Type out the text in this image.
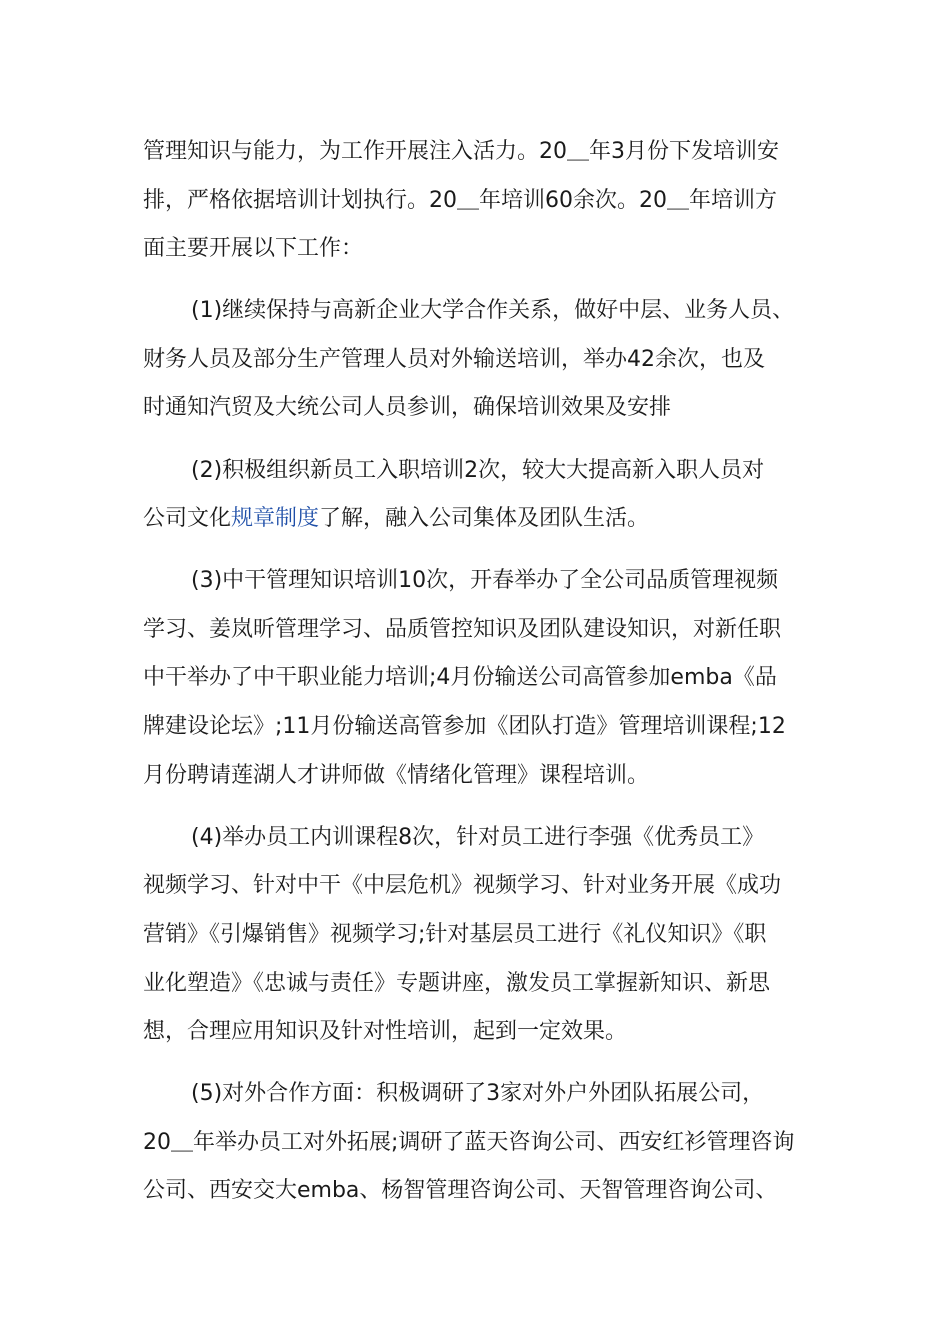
管理知识与能力，为工作开展注入活力。20＿年3月份下发培训安
排，严格依据培训计划执行。20＿年培训60余次。20＿年培训方
面主要开展以下工作：

(1)继续保持与高新企业大学合作关系，做好中层、业务人员、
财务人员及部分生产管理人员对外输送培训，举办42余次，也及
时通知汽贸及大统公司人员参训，确保培训效果及安排

(2)积极组织新员工入职培训2次，较大大提高新入职人员对
公司文化规章制度了解，融入公司集体及团队生活。

(3)中干管理知识培训10次，开春举办了全公司品质管理视频
学习、姜岚昕管理学习、品质管控知识及团队建设知识，对新任职
中干举办了中干职业能力培训;4月份输送公司高管参加emba《品
牌建设论坛》;11月份输送高管参加《团队打造》管理培训课程;12
月份聘请莲湖人才讲师做《情绪化管理》课程培训。

(4)举办员工内训课程8次，针对员工进行李强《优秀员工》
视频学习、针对中干《中层危机》视频学习、针对业务开展《成功
营销》《引爆销售》视频学习;针对基层员工进行《礼仪知识》《职
业化塑造》《忠诚与责任》专题讲座，激发员工掌握新知识、新思
想，合理应用知识及针对性培训，起到一定效果。

(5)对外合作方面：积极调研了3家对外户外团队拓展公司，
20＿年举办员工对外拓展;调研了蓝天咨询公司、西安红衫管理咨询
公司、西安交大emba、杨智管理咨询公司、天智管理咨询公司、
